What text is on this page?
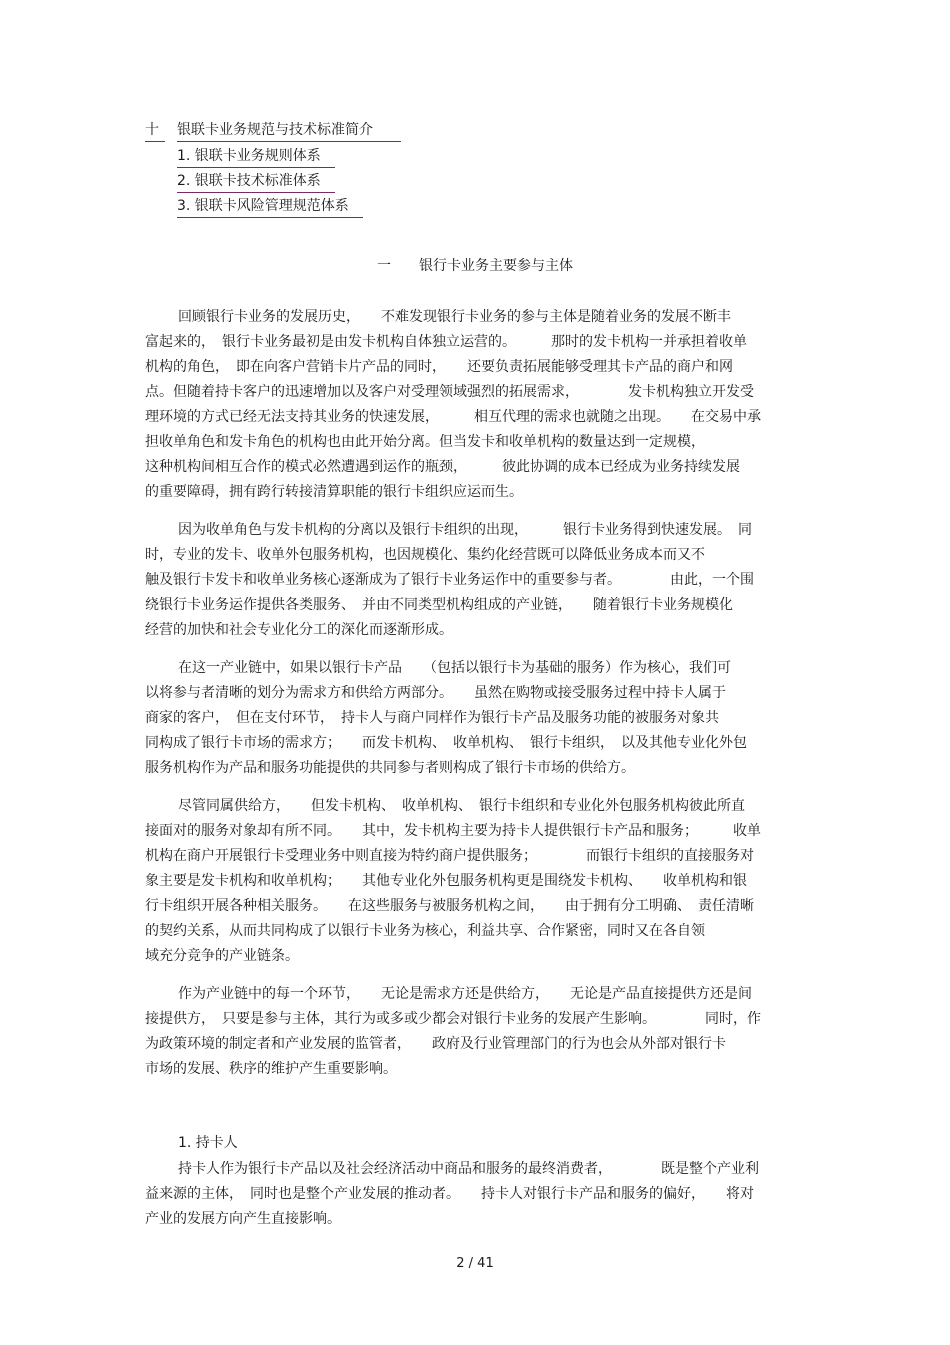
十	银联卡业务规范与技术标准简介
1. 银联卡业务规则体系
2. 银联卡技术标准体系
3. 银联卡风险管理规范体系
一 银行卡业务主要参与主体
回顾银行卡业务的发展历史，　　不难发现银行卡业务的参与主体是随着业务的发展不断丰
富起来的，　银行卡业务最初是由发卡机构自体独立运营的。　　　那时的发卡机构一并承担着收单
机构的角色，　即在向客户营销卡片产品的同时，　　还要负责拓展能够受理其卡产品的商户和网
点。但随着持卡客户的迅速增加以及客户对受理领域强烈的拓展需求，　　　　发卡机构独立开发受
理环境的方式已经无法支持其业务的快速发展，　　　相互代理的需求也就随之出现。　　在交易中承
担收单角色和发卡角色的机构也由此开始分离。但当发卡和收单机构的数量达到一定规模，
这种机构间相互合作的模式必然遭遇到运作的瓶颈，　　　彼此协调的成本已经成为业务持续发展
的重要障碍，拥有跨行转接清算职能的银行卡组织应运而生。
因为收单角色与发卡机构的分离以及银行卡组织的出现，　　　银行卡业务得到快速发展。　同
时，专业的发卡、收单外包服务机构，也因规模化、集约化经营既可以降低业务成本而又不
触及银行卡发卡和收单业务核心逐渐成为了银行卡业务运作中的重要参与者。　　　　由此，一个围
绕银行卡业务运作提供各类服务、　并由不同类型机构组成的产业链，　　随着银行卡业务规模化
经营的加快和社会专业化分工的深化而逐渐形成。
在这一产业链中，如果以银行卡产品　　（包括以银行卡为基础的服务）作为核心，我们可
以将参与者清晰的划分为需求方和供给方两部分。　　虽然在购物或接受服务过程中持卡人属于
商家的客户，　但在支付环节，　持卡人与商户同样作为银行卡产品及服务功能的被服务对象共
同构成了银行卡市场的需求方；　　而发卡机构、　收单机构、　银行卡组织，　以及其他专业化外包
服务机构作为产品和服务功能提供的共同参与者则构成了银行卡市场的供给方。
尽管同属供给方，　　但发卡机构、　收单机构、　银行卡组织和专业化外包服务机构彼此所直
接面对的服务对象却有所不同。　　其中，发卡机构主要为持卡人提供银行卡产品和服务；　　　收单
机构在商户开展银行卡受理业务中则直接为特约商户提供服务；　　　　而银行卡组织的直接服务对
象主要是发卡机构和收单机构；　　其他专业化外包服务机构更是围绕发卡机构、　　收单机构和银
行卡组织开展各种相关服务。　　在这些服务与被服务机构之间，　　由于拥有分工明确、　责任清晰
的契约关系，从而共同构成了以银行卡业务为核心，利益共享、合作紧密，同时又在各自领
域充分竞争的产业链条。
作为产业链中的每一个环节，　　无论是需求方还是供给方，　　无论是产品直接提供方还是间
接提供方，　只要是参与主体，其行为或多或少都会对银行卡业务的发展产生影响。　　　　同时，作
为政策环境的制定者和产业发展的监管者，　　政府及行业管理部门的行为也会从外部对银行卡
市场的发展、秩序的维护产生重要影响。
1. 持卡人
持卡人作为银行卡产品以及社会经济活动中商品和服务的最终消费者，　　　　既是整个产业利
益来源的主体，　同时也是整个产业发展的推动者。　　持卡人对银行卡产品和服务的偏好，　　将对
产业的发展方向产生直接影响。
2 / 41
